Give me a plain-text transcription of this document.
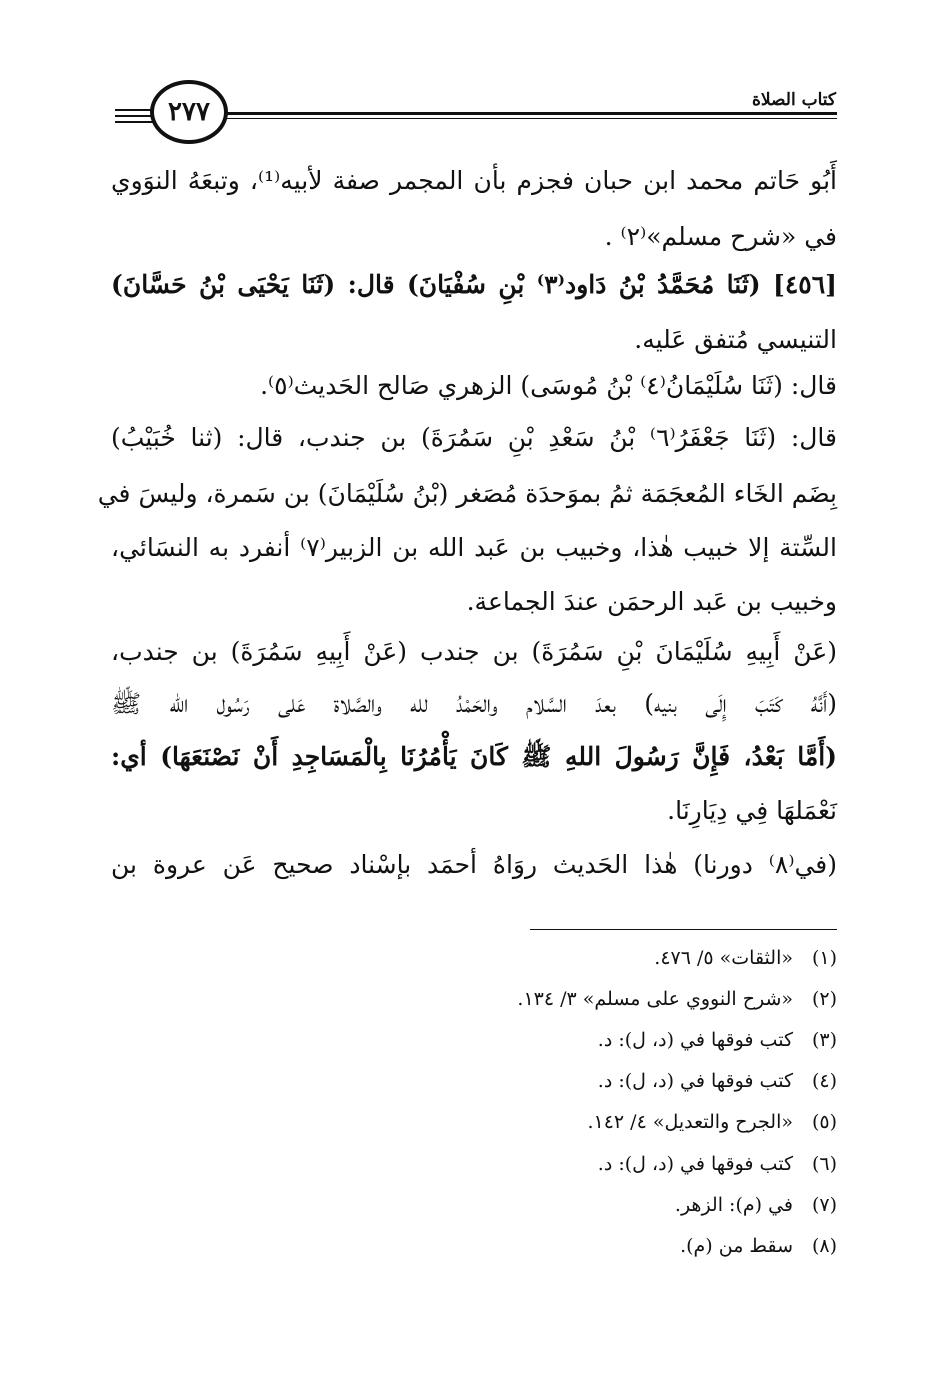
٢٧٧	كتاب الصلاة
أَبُو حَاتم محمد ابن حبان فجزم بأن المجمر صفة لأبيه⁽¹⁾، وتبعَهُ النوَوي
في «شرح مسلم»⁽٢⁾ .
[٤٥٦] (ثَنَا مُحَمَّدُ بْنُ دَاود⁽٣⁾ بْنِ سُفْيَانَ) قال: (ثَنَا يَحْيَى بْنُ حَسَّانَ)
التنيسي مُتفق عَليه.
قال: (ثَنَا سُلَيْمَانُ⁽٤⁾ بْنُ مُوسَى) الزهري صَالح الحَديث⁽٥⁾.
قال: (ثَنَا جَعْفَرُ⁽٦⁾ بْنُ سَعْدِ بْنِ سَمُرَةَ) بن جندب، قال: (ثنا خُبَيْبُ)
بِضَم الخَاء المُعجَمَة ثمُ بموَحدَة مُصَغر (بْنُ سُلَيْمَانَ) بن سَمرة، وليسَ في
السِّتة إلا خبيب هٰذا، وخبيب بن عَبد الله بن الزبير⁽٧⁾ أنفرد به النسَائي،
وخبيب بن عَبد الرحمَن عندَ الجماعة.
(عَنْ أَبِيهِ سُلَيْمَانَ بْنِ سَمُرَةَ) بن جندب (عَنْ أَبِيهِ سَمُرَةَ) بن جندب،
(أَنَّهُ كَتَبَ إِلَى بنيه) بعدَ السَّلام والحَمْدُ لله والصَّلاة عَلى رَسُول الله ﷺ
(أَمَّا بَعْدُ، فَإِنَّ رَسُولَ اللهِ ﷺ كَانَ يَأْمُرُنَا بِالْمَسَاجِدِ أَنْ نَصْنَعَهَا) أي:
نَعْمَلهَا فِي دِيَارِنَا.
(في⁽٨⁾ دورنا) هٰذا الحَديث روَاهُ أحمَد بإسْناد صحيح عَن عروة بن
(١)«الثقات» ٥/ ٤٧٦.
(٢)«شرح النووي على مسلم» ٣/ ١٣٤.
(٣)كتب فوقها في (د، ل): د.
(٤)كتب فوقها في (د، ل): د.
(٥)«الجرح والتعديل» ٤/ ١٤٢.
(٦)كتب فوقها في (د، ل): د.
(٧)في (م): الزهر.
(٨)سقط من (م).
